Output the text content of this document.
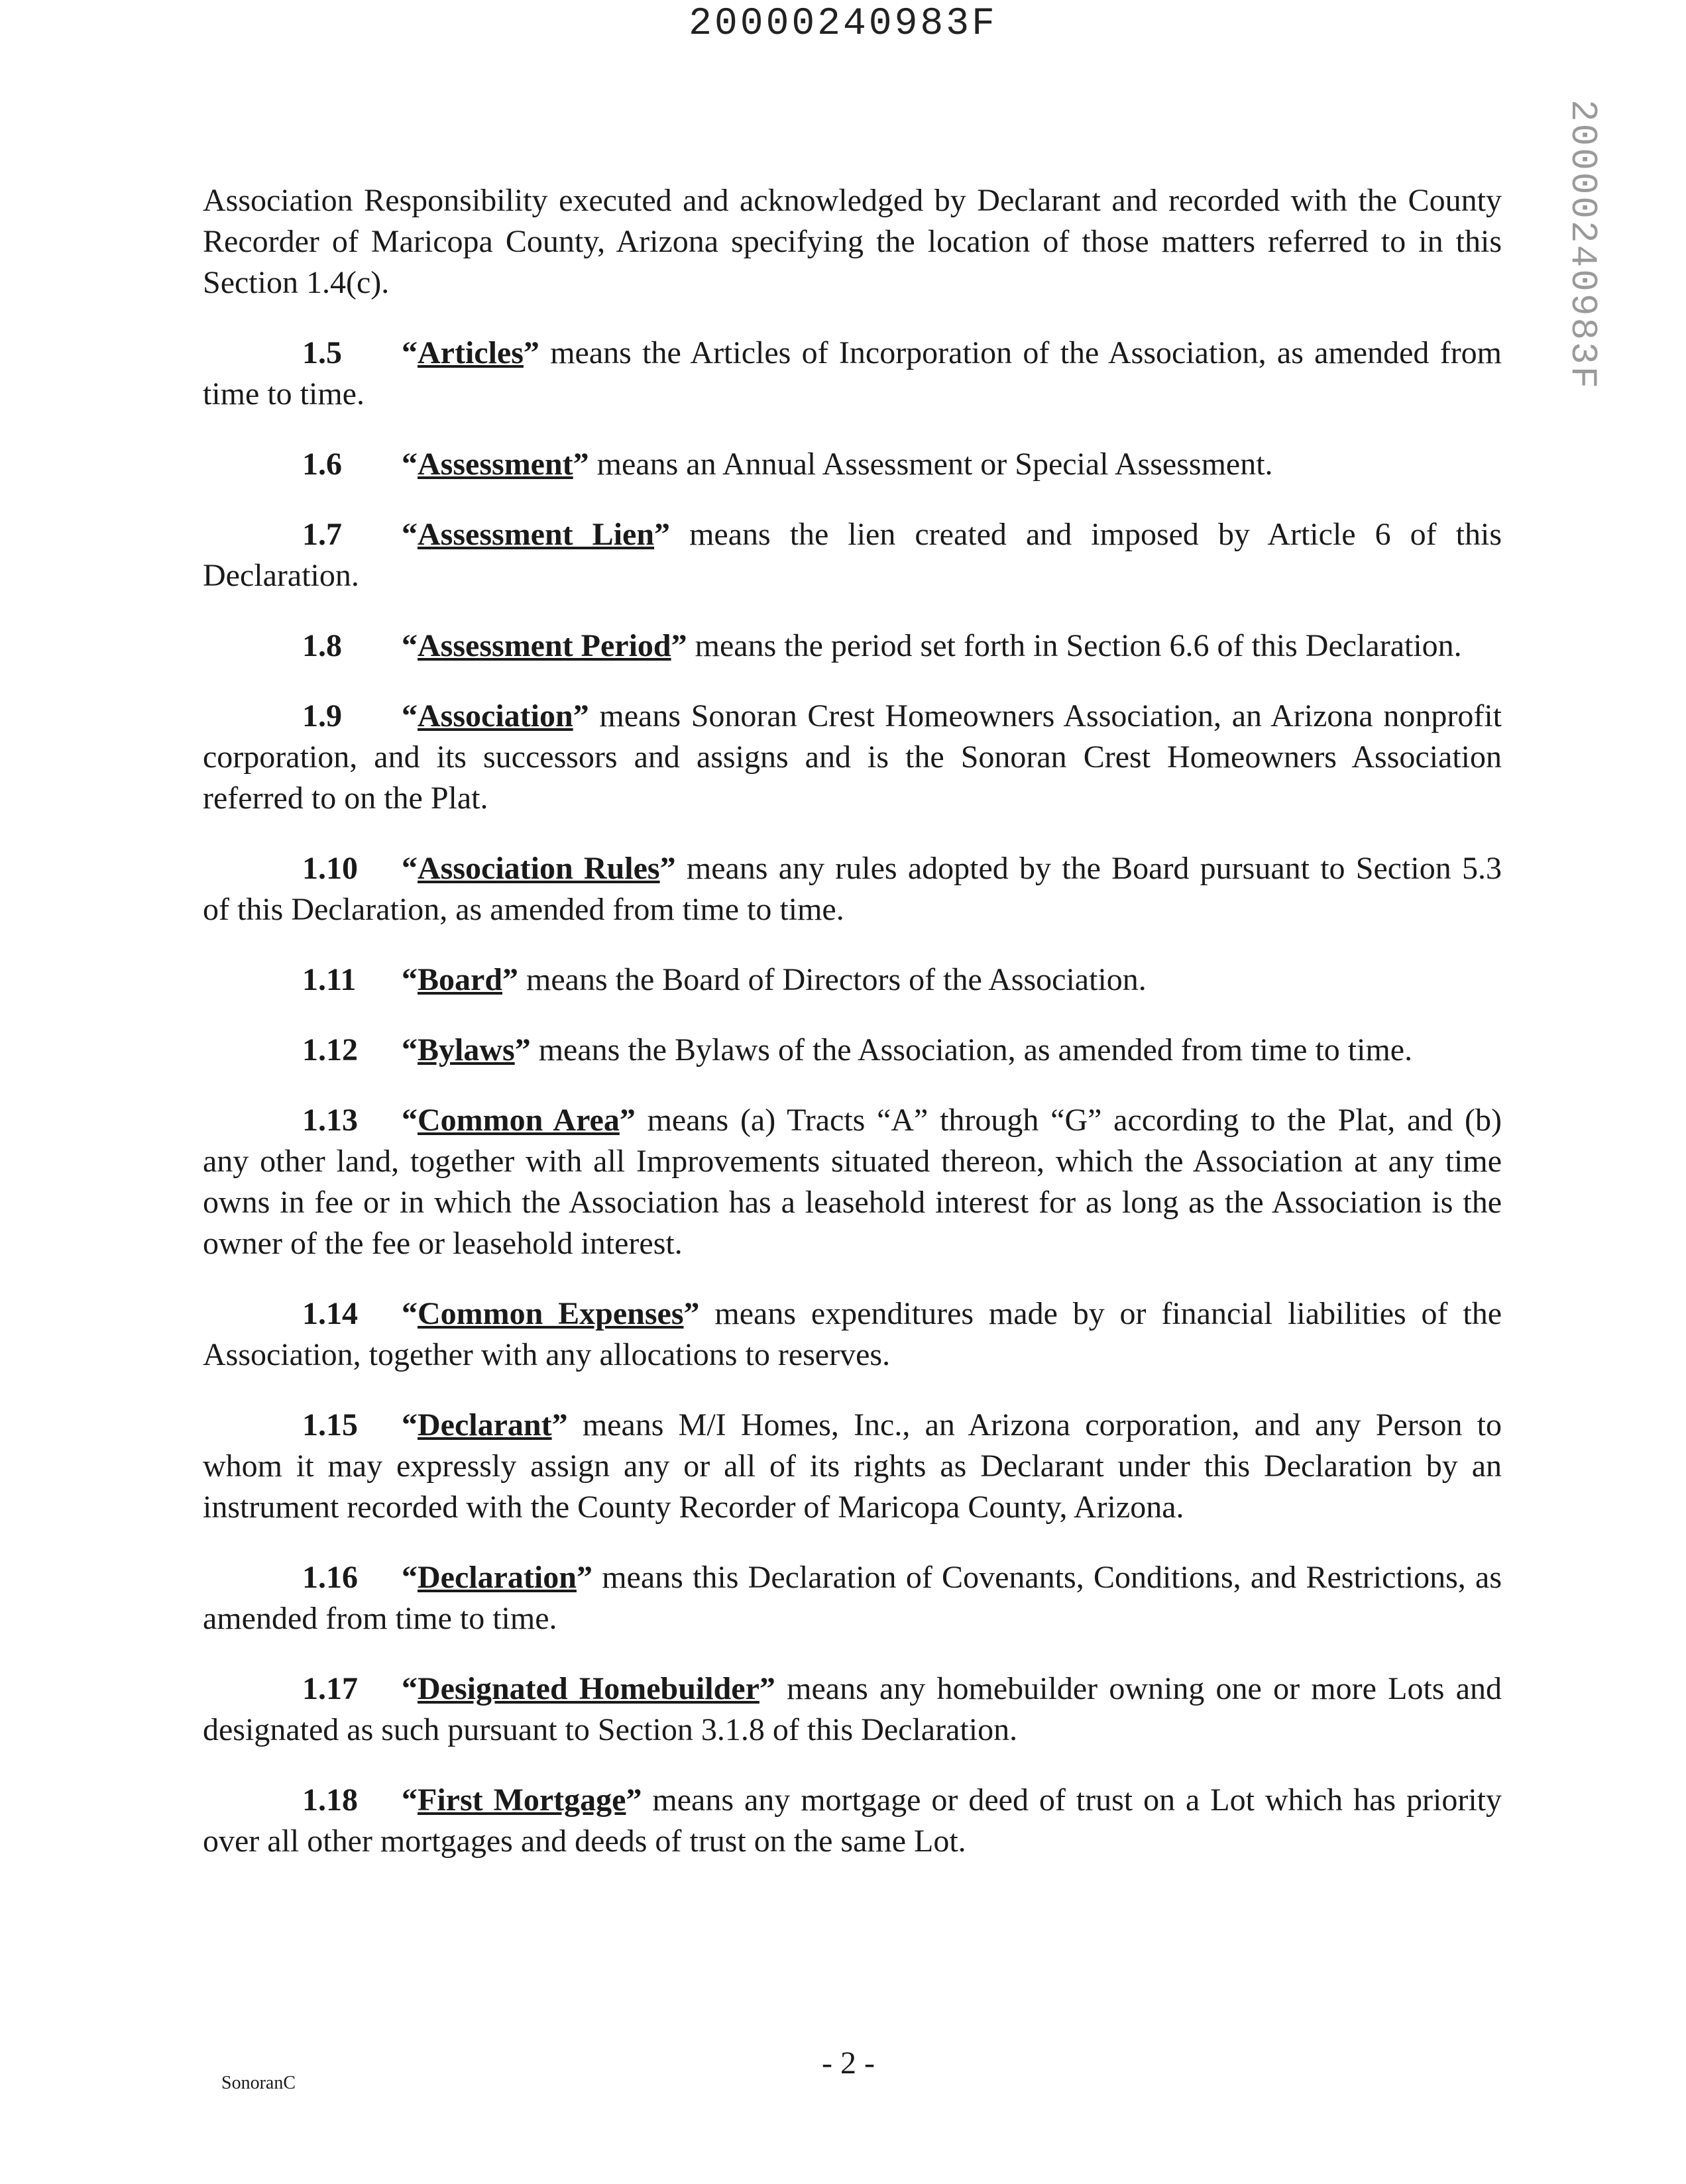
20000240983F
20000240983F

Association Responsibility executed and acknowledged by Declarant and recorded with the County Recorder of Maricopa County, Arizona specifying the location of those matters referred to in this Section 1.4(c).

1.5 “Articles” means the Articles of Incorporation of the Association, as amended from time to time.

1.6 “Assessment” means an Annual Assessment or Special Assessment.

1.7 “Assessment Lien” means the lien created and imposed by Article 6 of this Declaration.

1.8 “Assessment Period” means the period set forth in Section 6.6 of this Declaration.

1.9 “Association” means Sonoran Crest Homeowners Association, an Arizona nonprofit corporation, and its successors and assigns and is the Sonoran Crest Homeowners Association referred to on the Plat.

1.10 “Association Rules” means any rules adopted by the Board pursuant to Section 5.3 of this Declaration, as amended from time to time.

1.11 “Board” means the Board of Directors of the Association.

1.12 “Bylaws” means the Bylaws of the Association, as amended from time to time.

1.13 “Common Area” means (a) Tracts “A” through “G” according to the Plat, and (b) any other land, together with all Improvements situated thereon, which the Association at any time owns in fee or in which the Association has a leasehold interest for as long as the Association is the owner of the fee or leasehold interest.

1.14 “Common Expenses” means expenditures made by or financial liabilities of the Association, together with any allocations to reserves.

1.15 “Declarant” means M/I Homes, Inc., an Arizona corporation, and any Person to whom it may expressly assign any or all of its rights as Declarant under this Declaration by an instrument recorded with the County Recorder of Maricopa County, Arizona.

1.16 “Declaration” means this Declaration of Covenants, Conditions, and Restrictions, as amended from time to time.

1.17 “Designated Homebuilder” means any homebuilder owning one or more Lots and designated as such pursuant to Section 3.1.8 of this Declaration.

1.18 “First Mortgage” means any mortgage or deed of trust on a Lot which has priority over all other mortgages and deeds of trust on the same Lot.

SonoranC
- 2 -
